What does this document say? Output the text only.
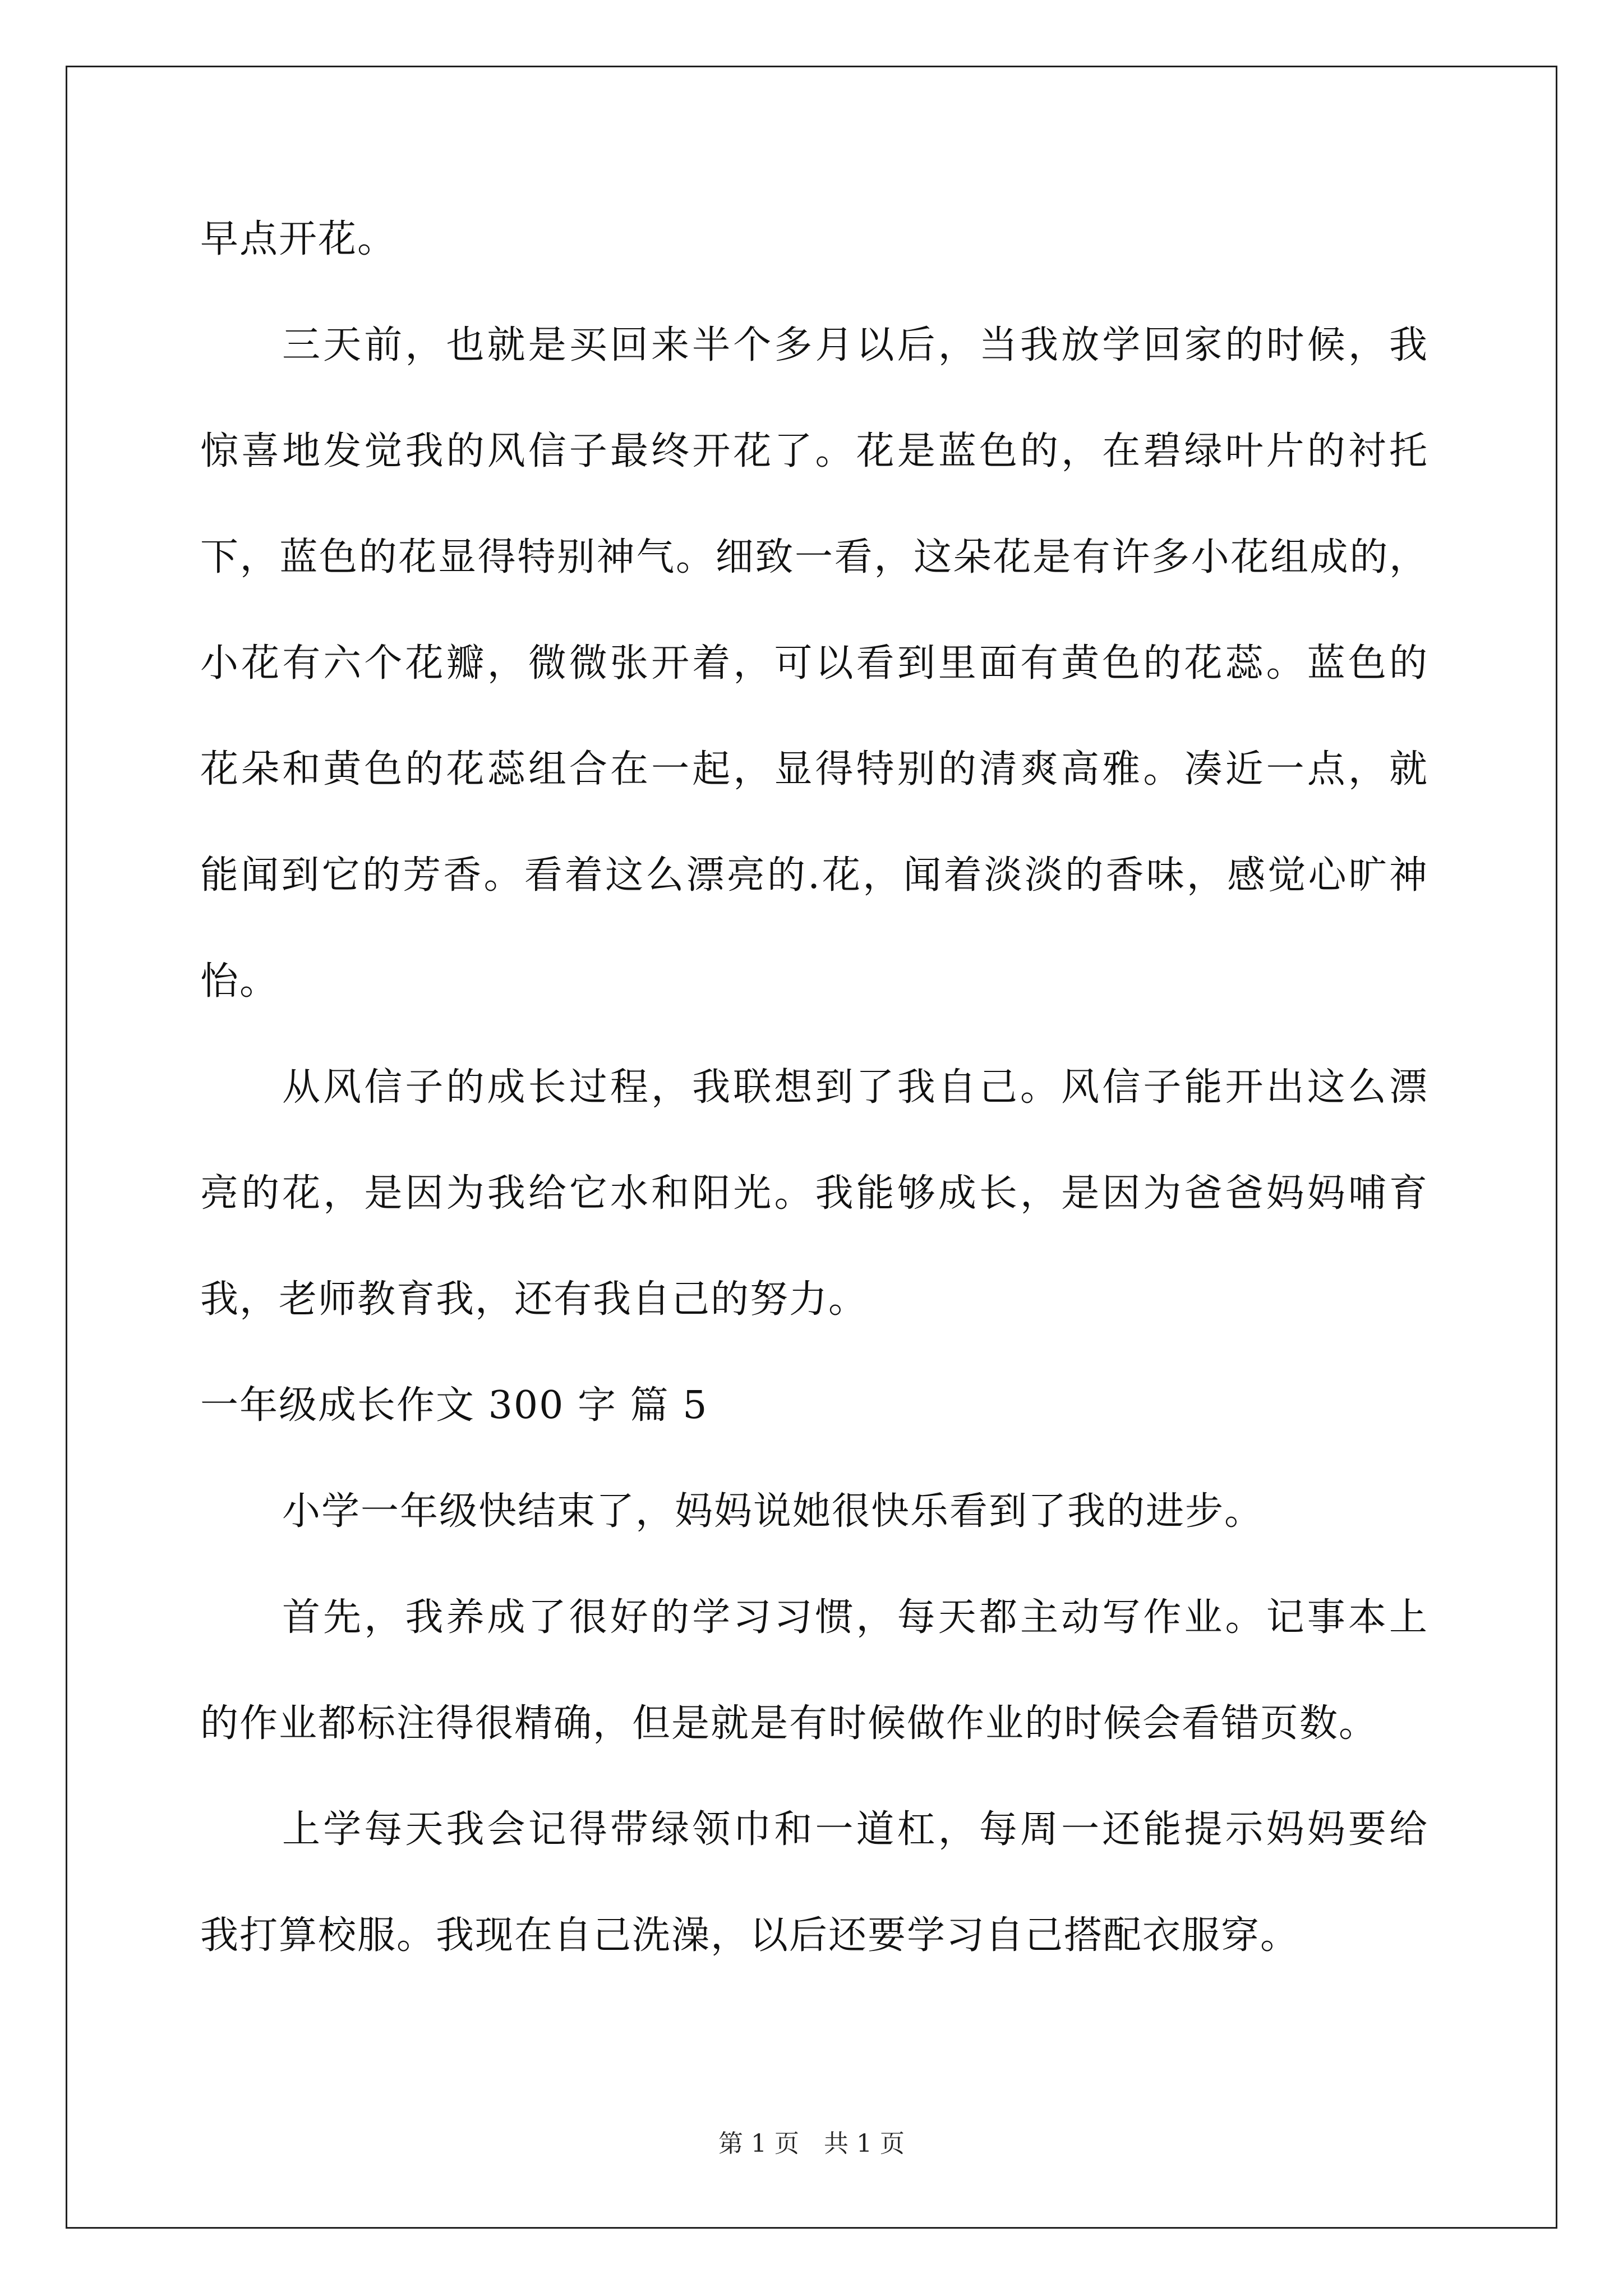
早点开花。

三天前，也就是买回来半个多月以后，当我放学回家的时候，我

惊喜地发觉我的风信子最终开花了。花是蓝色的，在碧绿叶片的衬托

下，蓝色的花显得特别神气。细致一看，这朵花是有许多小花组成的，

小花有六个花瓣，微微张开着，可以看到里面有黄色的花蕊。蓝色的

花朵和黄色的花蕊组合在一起，显得特别的清爽高雅。凑近一点，就

能闻到它的芳香。看着这么漂亮的.花，闻着淡淡的香味，感觉心旷神

怡。

从风信子的成长过程，我联想到了我自己。风信子能开出这么漂

亮的花，是因为我给它水和阳光。我能够成长，是因为爸爸妈妈哺育

我，老师教育我，还有我自己的努力。

一年级成长作文 300 字 篇 5

小学一年级快结束了，妈妈说她很快乐看到了我的进步。

首先，我养成了很好的学习习惯，每天都主动写作业。记事本上

的作业都标注得很精确，但是就是有时候做作业的时候会看错页数。

上学每天我会记得带绿领巾和一道杠，每周一还能提示妈妈要给

我打算校服。我现在自己洗澡，以后还要学习自己搭配衣服穿。

第 1 页　共 1 页
